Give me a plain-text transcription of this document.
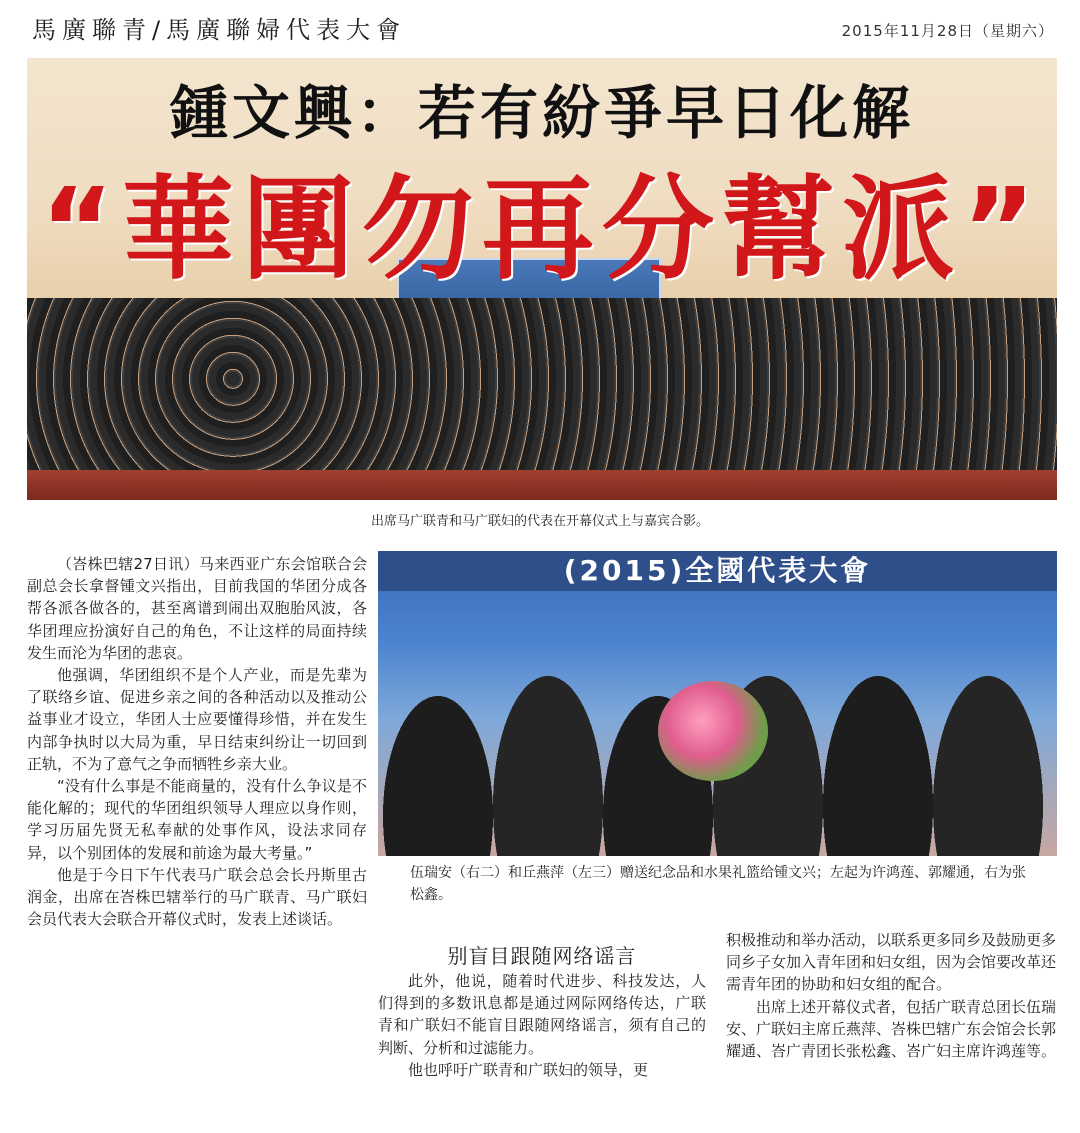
馬廣聯青/馬廣聯婦代表大會	2015年11月28日（星期六）
鍾文興：若有紛爭早日化解
“華團勿再分幫派”
出席马广联青和马广联妇的代表在开幕仪式上与嘉宾合影。

（峇株巴辖27日讯）马来西亚广东会馆联合会副总会长拿督锺文兴指出，目前我国的华团分成各帮各派各做各的，甚至离谱到闹出双胞胎风波，各华团理应扮演好自己的角色，不让这样的局面持续发生而沦为华团的悲哀。

他强调，华团组织不是个人产业，而是先辈为了联络乡谊、促进乡亲之间的各种活动以及推动公益事业才设立，华团人士应要懂得珍惜，并在发生内部争执时以大局为重，早日结束纠纷让一切回到正轨，不为了意气之争而牺牲乡亲大业。

“没有什么事是不能商量的，没有什么争议是不能化解的；现代的华团组织领导人理应以身作则，学习历届先贤无私奉献的处事作风，设法求同存异，以个别团体的发展和前途为最大考量。”

他是于今日下午代表马广联会总会长丹斯里古润金，出席在峇株巴辖举行的马广联青、马广联妇会员代表大会联合开幕仪式时，发表上述谈话。

(2015)全國代表大會
伍瑞安（右二）和丘燕萍（左三）赠送纪念品和水果礼篮给锺文兴；左起为许鸿莲、郭耀通，右为张松鑫。
别盲目跟随网络谣言

此外，他说，随着时代进步、科技发达，人们得到的多数讯息都是通过网际网络传达，广联青和广联妇不能盲目跟随网络谣言，须有自己的判断、分析和过滤能力。

他也呼吁广联青和广联妇的领导，更

积极推动和举办活动，以联系更多同乡及鼓励更多同乡子女加入青年团和妇女组，因为会馆要改革还需青年团的协助和妇女组的配合。

出席上述开幕仪式者，包括广联青总团长伍瑞安、广联妇主席丘燕萍、峇株巴辖广东会馆会长郭耀通、峇广青团长张松鑫、峇广妇主席许鸿莲等。
